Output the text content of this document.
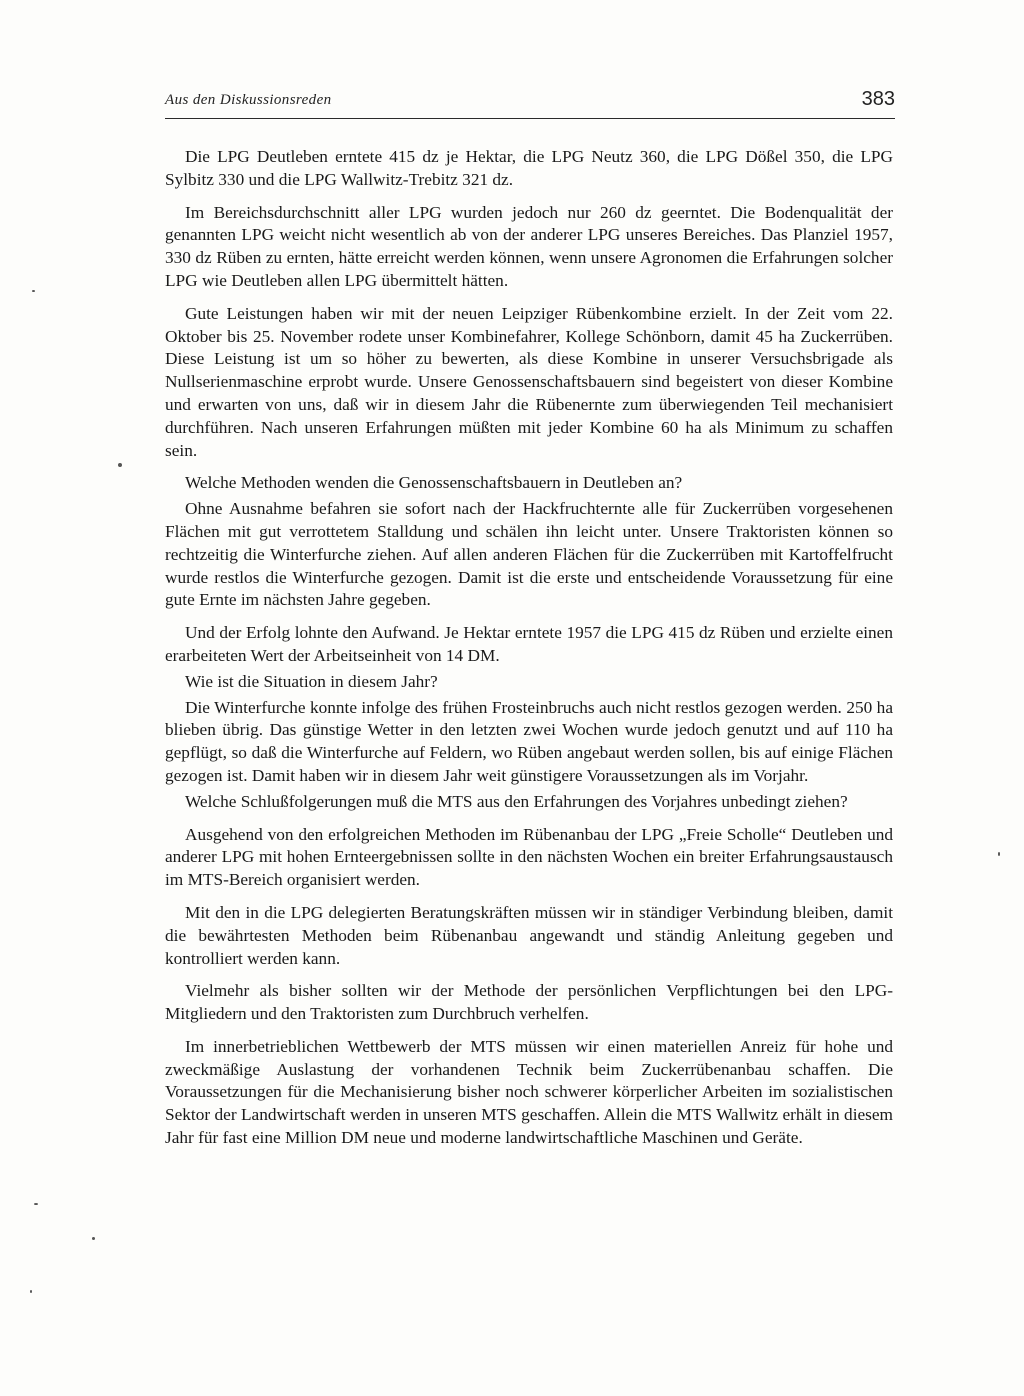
Aus den Diskussionsreden	383

Die LPG Deutleben erntete 415 dz je Hektar, die LPG Neutz 360, die LPG Dößel 350, die LPG Sylbitz 330 und die LPG Wallwitz-Trebitz 321 dz.

Im Bereichsdurchschnitt aller LPG wurden jedoch nur 260 dz geerntet. Die Bodenqualität der genannten LPG weicht nicht wesentlich ab von der anderer LPG unseres Bereiches. Das Planziel 1957, 330 dz Rüben zu ernten, hätte erreicht werden können, wenn unsere Agronomen die Erfahrungen solcher LPG wie Deutleben allen LPG übermittelt hätten.

Gute Leistungen haben wir mit der neuen Leipziger Rübenkombine erzielt. In der Zeit vom 22. Oktober bis 25. November rodete unser Kombinefahrer, Kollege Schönborn, damit 45 ha Zuckerrüben. Diese Leistung ist um so höher zu bewerten, als diese Kombine in unserer Versuchsbrigade als Nullserienmaschine erprobt wurde. Unsere Genossenschaftsbauern sind begeistert von dieser Kombine und erwarten von uns, daß wir in diesem Jahr die Rübenernte zum überwiegenden Teil mechanisiert durchführen. Nach unseren Erfahrungen müßten mit jeder Kombine 60 ha als Minimum zu schaffen sein.

Welche Methoden wenden die Genossenschaftsbauern in Deutleben an?

Ohne Ausnahme befahren sie sofort nach der Hackfruchternte alle für Zuckerrüben vorgesehenen Flächen mit gut verrottetem Stalldung und schälen ihn leicht unter. Unsere Traktoristen können so rechtzeitig die Winterfurche ziehen. Auf allen anderen Flächen für die Zuckerrüben mit Kartoffelfrucht wurde restlos die Winterfurche gezogen. Damit ist die erste und entscheidende Voraussetzung für eine gute Ernte im nächsten Jahre gegeben.

Und der Erfolg lohnte den Aufwand. Je Hektar erntete 1957 die LPG 415 dz Rüben und erzielte einen erarbeiteten Wert der Arbeitseinheit von 14 DM.

Wie ist die Situation in diesem Jahr?

Die Winterfurche konnte infolge des frühen Frosteinbruchs auch nicht restlos gezogen werden. 250 ha blieben übrig. Das günstige Wetter in den letzten zwei Wochen wurde jedoch genutzt und auf 110 ha gepflügt, so daß die Winterfurche auf Feldern, wo Rüben angebaut werden sollen, bis auf einige Flächen gezogen ist. Damit haben wir in diesem Jahr weit günstigere Voraussetzungen als im Vorjahr.

Welche Schlußfolgerungen muß die MTS aus den Erfahrungen des Vorjahres unbedingt ziehen?

Ausgehend von den erfolgreichen Methoden im Rübenanbau der LPG „Freie Scholle“ Deutleben und anderer LPG mit hohen Ernteergebnissen sollte in den nächsten Wochen ein breiter Erfahrungsaustausch im MTS-Bereich organisiert werden.

Mit den in die LPG delegierten Beratungskräften müssen wir in ständiger Verbindung bleiben, damit die bewährtesten Methoden beim Rübenanbau angewandt und ständig Anleitung gegeben und kontrolliert werden kann.

Vielmehr als bisher sollten wir der Methode der persönlichen Verpflichtungen bei den LPG-Mitgliedern und den Traktoristen zum Durchbruch verhelfen.

Im innerbetrieblichen Wettbewerb der MTS müssen wir einen materiellen Anreiz für hohe und zweckmäßige Auslastung der vorhandenen Technik beim Zuckerrübenanbau schaffen. Die Voraussetzungen für die Mechanisierung bisher noch schwerer körperlicher Arbeiten im sozialistischen Sektor der Landwirtschaft werden in unseren MTS geschaffen. Allein die MTS Wallwitz erhält in diesem Jahr für fast eine Million DM neue und moderne landwirtschaftliche Maschinen und Geräte.
